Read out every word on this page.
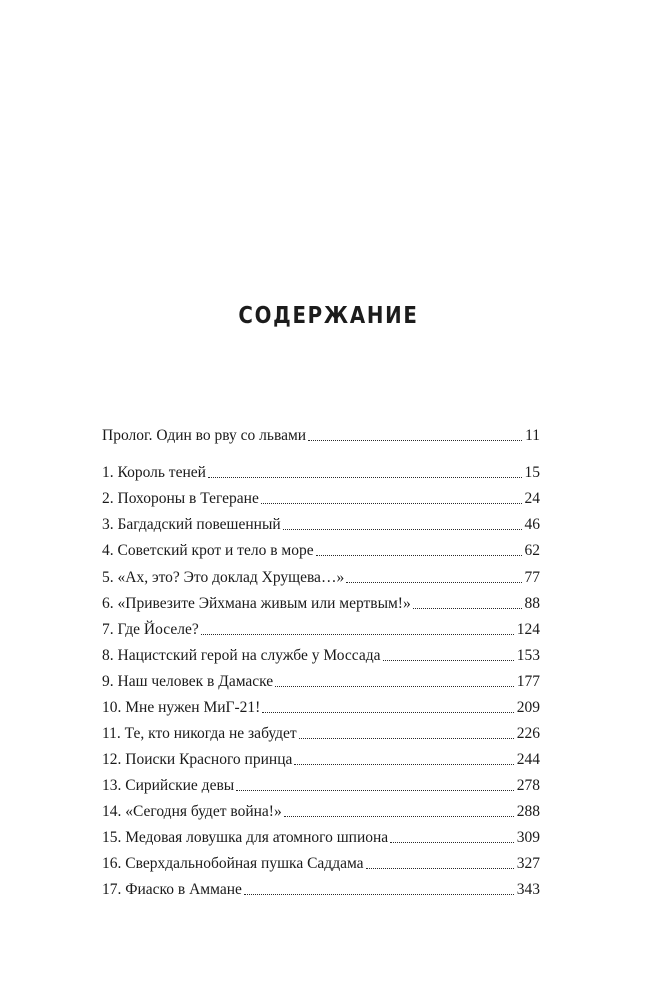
СОДЕРЖАНИЕ
Пролог. Один во рву со львами	11
1. Король теней	15
2. Похороны в Тегеране	24
3. Багдадский повешенный	46
4. Советский крот и тело в море	62
5. «Ах, это? Это доклад Хрущева…»	77
6. «Привезите Эйхмана живым или мертвым!»	88
7. Где Йоселе?	124
8. Нацистский герой на службе у Моссада	153
9. Наш человек в Дамаске	177
10. Мне нужен МиГ-21!	209
11. Те, кто никогда не забудет	226
12. Поиски Красного принца	244
13. Сирийские девы	278
14. «Сегодня будет война!»	288
15. Медовая ловушка для атомного шпиона	309
16. Сверхдальнобойная пушка Саддама	327
17. Фиаско в Аммане	343
